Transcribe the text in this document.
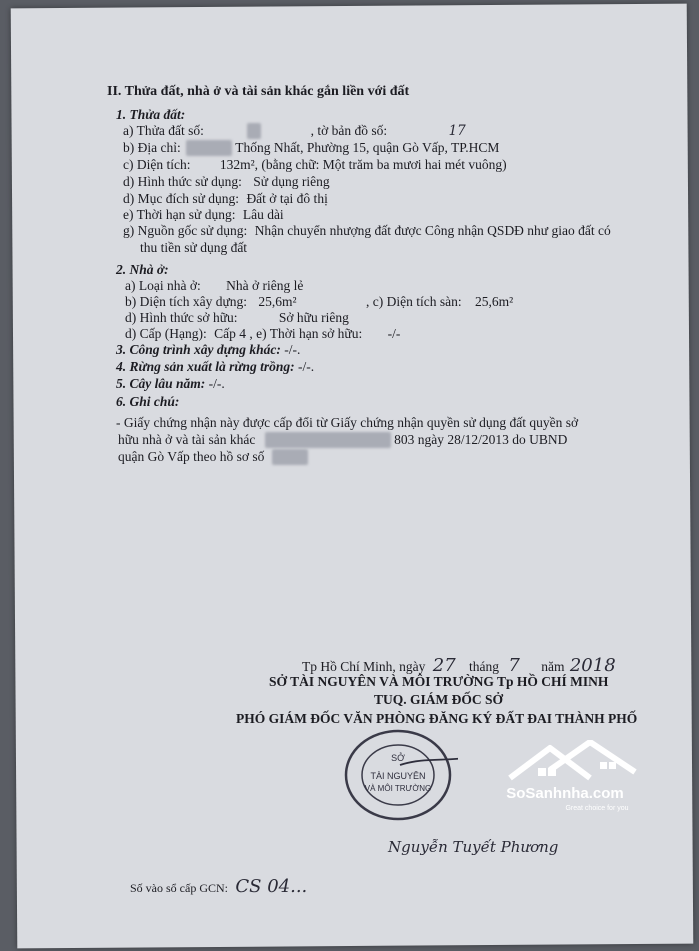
II. Thửa đất, nhà ở và tài sản khác gắn liền với đất
1. Thửa đất:
a) Thửa đất số:	, tờ bản đồ số:	17
b) Địa chỉ:	Thống Nhất, Phường 15, quận Gò Vấp, TP.HCM
c) Diện tích: 132m², (bằng chữ: Một trăm ba mươi hai mét vuông)
d) Hình thức sử dụng: Sử dụng riêng
d) Mục đích sử dụng: Đất ở tại đô thị
e) Thời hạn sử dụng: Lâu dài
g) Nguồn gốc sử dụng: Nhận chuyển nhượng đất được Công nhận QSDĐ như giao đất có
thu tiền sử dụng đất
2. Nhà ở:
a) Loại nhà ở: Nhà ở riêng lẻ
b) Diện tích xây dựng: 25,6m²	, c) Diện tích sàn: 25,6m²
d) Hình thức sở hữu:	Sở hữu riêng
d) Cấp (Hạng): Cấp 4 , e) Thời hạn sở hữu: -/-
3. Công trình xây dựng khác: -/-.
4. Rừng sản xuất là rừng trồng: -/-.
5. Cây lâu năm: -/-.
6. Ghi chú:
- Giấy chứng nhận này được cấp đổi từ Giấy chứng nhận quyền sử dụng đất quyền sở
hữu nhà ở và tài sản khác	803 ngày 28/12/2013 do UBND
quận Gò Vấp theo hồ sơ số
Tp Hồ Chí Minh, ngày 27 tháng 7 năm 2018
SỞ TÀI NGUYÊN VÀ MÔI TRƯỜNG Tp HỒ CHÍ MINH
TUQ. GIÁM ĐỐC SỞ
PHÓ GIÁM ĐỐC VĂN PHÒNG ĐĂNG KÝ ĐẤT ĐAI THÀNH PHỐ
SỞ
TÀI NGUYÊN
VÀ MÔI TRƯỜNG
Nguyễn Tuyết Phương
SoSanhnha.com
Great choice for you
Số vào sổ cấp GCN: CS 04...
